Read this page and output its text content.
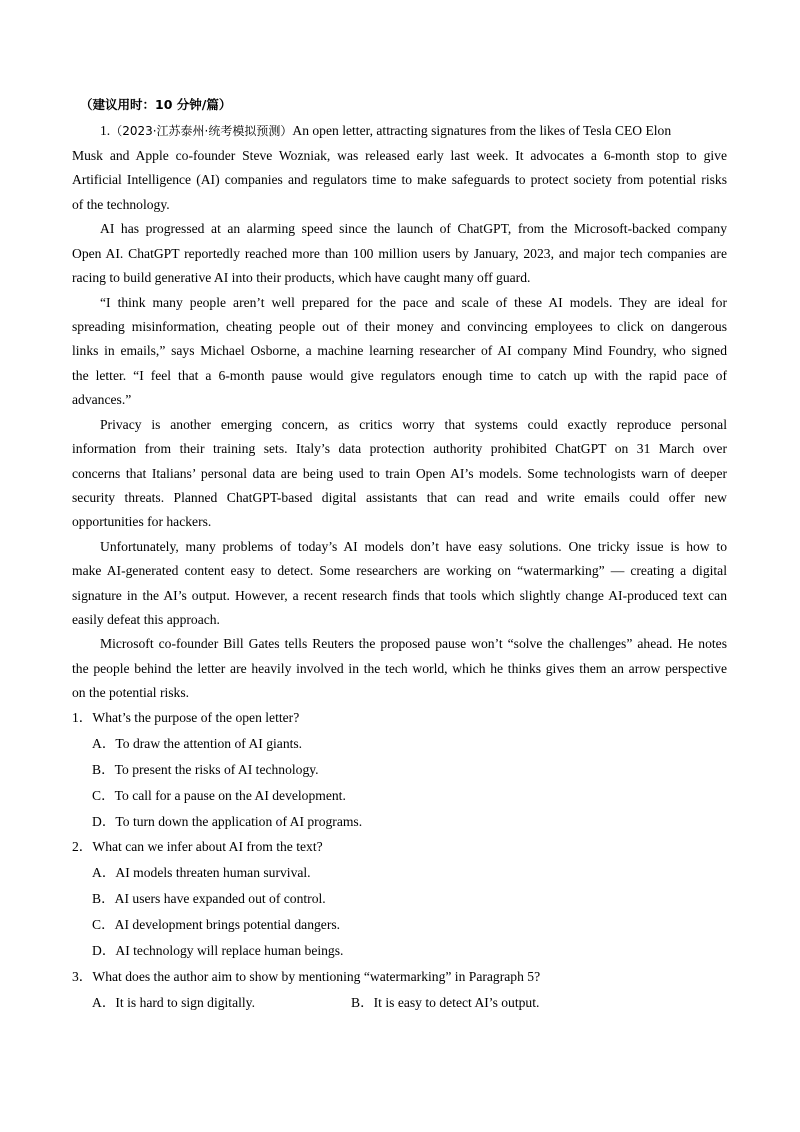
（建议用时：10 分钟/篇）
1.（2023·江苏泰州·统考模拟预测）An open letter, attracting signatures from the likes of Tesla CEO Elon
Musk and Apple co-founder Steve Wozniak, was released early last week. It advocates a 6-month stop to give
Artificial Intelligence (AI) companies and regulators time to make safeguards to protect society from potential risks
of the technology.
AI has progressed at an alarming speed since the launch of ChatGPT, from the Microsoft-backed company
Open AI. ChatGPT reportedly reached more than 100 million users by January, 2023, and major tech companies are
racing to build generative AI into their products, which have caught many off guard.
“I think many people aren’t well prepared for the pace and scale of these AI models. They are ideal for
spreading misinformation, cheating people out of their money and convincing employees to click on dangerous
links in emails,” says Michael Osborne, a machine learning researcher of AI company Mind Foundry, who signed
the letter. “I feel that a 6-month pause would give regulators enough time to catch up with the rapid pace of
advances.”
Privacy is another emerging concern, as critics worry that systems could exactly reproduce personal
information from their training sets. Italy’s data protection authority prohibited ChatGPT on 31 March over
concerns that Italians’ personal data are being used to train Open AI’s models. Some technologists warn of deeper
security threats. Planned ChatGPT-based digital assistants that can read and write emails could offer new
opportunities for hackers.
Unfortunately, many problems of today’s AI models don’t have easy solutions. One tricky issue is how to
make AI-generated content easy to detect. Some researchers are working on “watermarking” — creating a digital
signature in the AI’s output. However, a recent research finds that tools which slightly change AI-produced text can
easily defeat this approach.
Microsoft co-founder Bill Gates tells Reuters the proposed pause won’t “solve the challenges” ahead. He notes
the people behind the letter are heavily involved in the tech world, which he thinks gives them an arrow perspective
on the potential risks.
1．What’s the purpose of the open letter?
A．To draw the attention of AI giants.
B．To present the risks of AI technology.
C．To call for a pause on the AI development.
D．To turn down the application of AI programs.
2．What can we infer about AI from the text?
A．AI models threaten human survival.
B．AI users have expanded out of control.
C．AI development brings potential dangers.
D．AI technology will replace human beings.
3．What does the author aim to show by mentioning “watermarking” in Paragraph 5?
A．It is hard to sign digitally.	B．It is easy to detect AI’s output.
